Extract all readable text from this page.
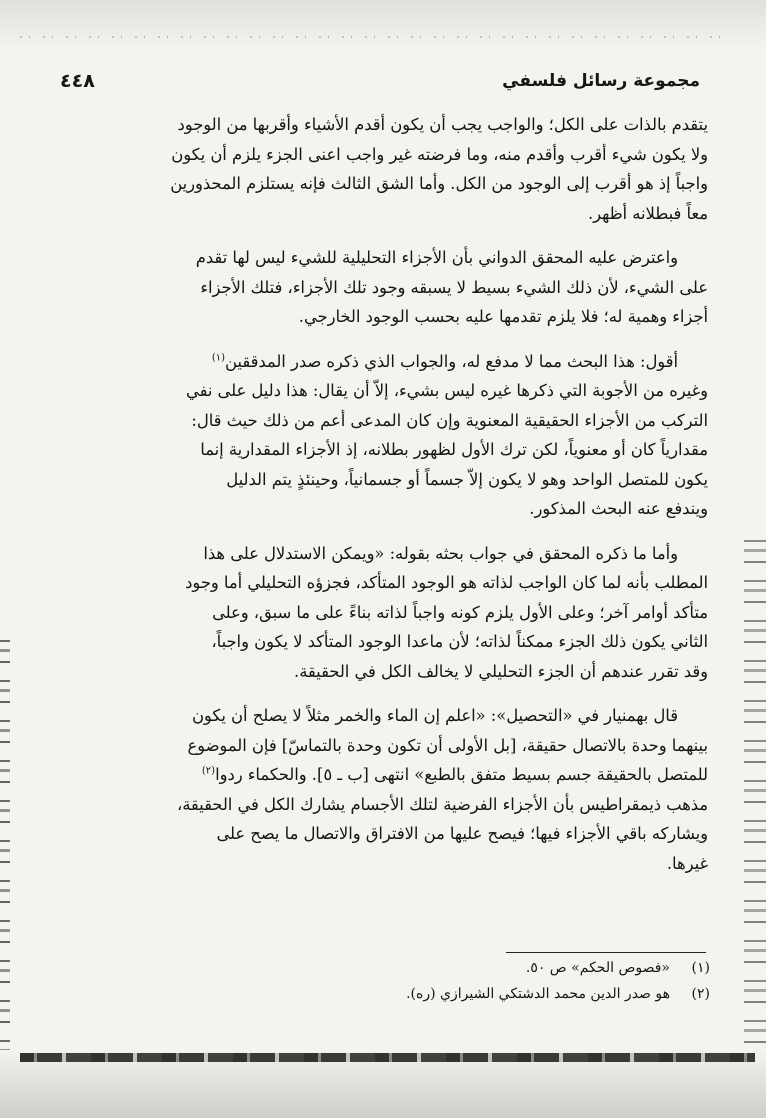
مجموعة رسائل فلسفي
٤٤٨

يتقدم بالذات على الكل؛ والواجب يجب أن يكون أقدم الأشياء وأقربها من الوجود
ولا يكون شيء أقرب وأقدم منه، وما فرضته غير واجب اعنى الجزء يلزم أن يكون
واجباً إذ هو أقرب إلى الوجود من الكل. وأما الشق الثالث فإنه يستلزم المحذورين
معاً فبطلانه أظهر.

واعترض عليه المحقق الدواني بأن الأجزاء التحليلية للشيء ليس لها تقدم
على الشيء، لأن ذلك الشيء بسيط لا يسبقه وجود تلك الأجزاء، فتلك الأجزاء
أجزاء وهمية له؛ فلا يلزم تقدمها عليه بحسب الوجود الخارجي.

أقول: هذا البحث مما لا مدفع له، والجواب الذي ذكره صدر المدققين$^{(١)}$
وغيره من الأجوبة التي ذكرها غيره ليس بشيء، إلاّ أن يقال: هذا دليل على نفي
التركب من الأجزاء الحقيقية المعنوية وإن كان المدعى أعم من ذلك حيث قال:
مقدارياً كان أو معنوياً، لكن ترك الأول لظهور بطلانه، إذ الأجزاء المقدارية إنما
يكون للمتصل الواحد وهو لا يكون إلاّ جسماً أو جسمانياً، وحينئذٍ يتم الدليل
ويندفع عنه البحث المذكور.

وأما ما ذكره المحقق في جواب بحثه بقوله: «ويمكن الاستدلال على هذا
المطلب بأنه لما كان الواجب لذاته هو الوجود المتأكد، فجزؤه التحليلي أما وجود
متأكد أوامر آخر؛ وعلى الأول يلزم كونه واجباً لذاته بناءً على ما سبق، وعلى
الثاني يكون ذلك الجزء ممكناً لذاته؛ لأن ماعدا الوجود المتأكد لا يكون واجباً،
وقد تقرر عندهم أن الجزء التحليلي لا يخالف الكل في الحقيقة.

قال بهمنيار في «التحصيل»: «اعلم إن الماء والخمر مثلاً لا يصلح أن يكون
بينهما وحدة بالاتصال حقيقة، [بل الأولى أن تكون وحدة بالتماسّ] فإن الموضوع
للمتصل بالحقيقة جسم بسيط متفق بالطبع» انتهى [ب ـ ٥]. والحكماء ردوا$^{(٢)}$
مذهب ذيمقراطيس بأن الأجزاء الفرضية لتلك الأجسام يشارك الكل في الحقيقة،
ويشاركه باقي الأجزاء فيها؛ فيصح عليها من الافتراق والاتصال ما يصح على
غيرها.

(١)
«فصوص الحكم» ص ٥٠.
(٢)
هو صدر الدين محمد الدشتكي الشيرازي (ره).
